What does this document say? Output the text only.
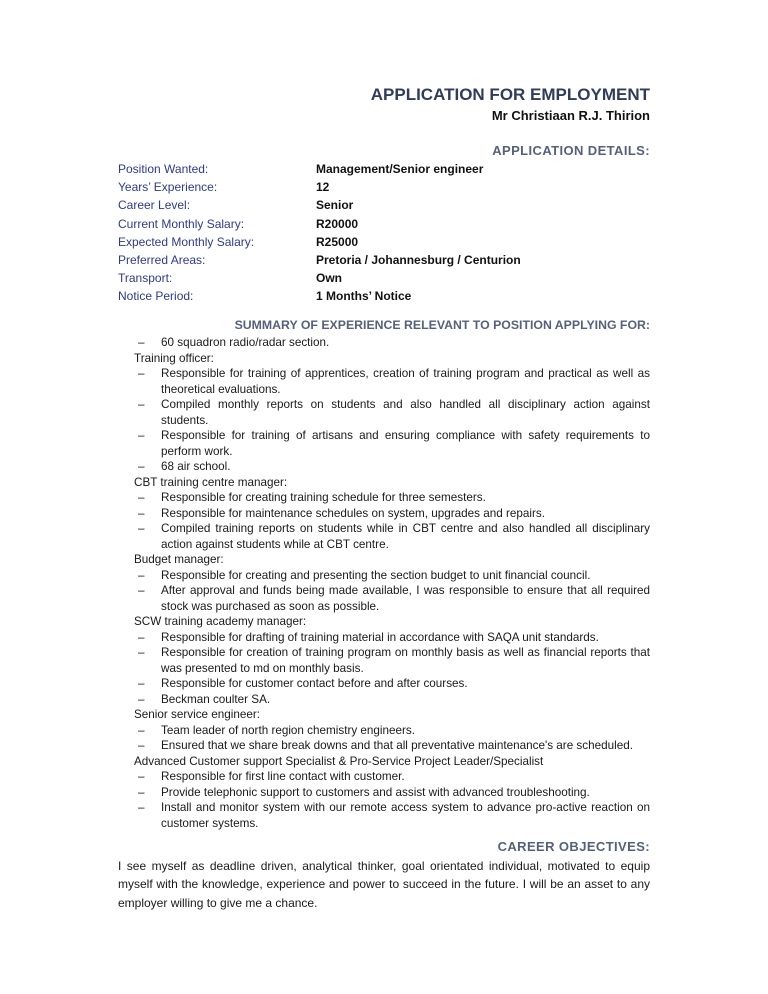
APPLICATION FOR EMPLOYMENT
Mr Christiaan R.J. Thirion
APPLICATION DETAILS:
Position Wanted:	Management/Senior engineer
Years’ Experience:	12
Career Level:	Senior
Current Monthly Salary:	R20000
Expected Monthly Salary:	R25000
Preferred Areas:	Pretoria / Johannesburg / Centurion
Transport:	Own
Notice Period:	1 Months’ Notice
SUMMARY OF EXPERIENCE RELEVANT TO POSITION APPLYING FOR:
– 60 squadron radio/radar section.
Training officer:
– Responsible for training of apprentices, creation of training program and practical as well as theoretical evaluations.
– Compiled monthly reports on students and also handled all disciplinary action against students.
– Responsible for training of artisans and ensuring compliance with safety requirements to perform work.
– 68 air school.
CBT training centre manager:
– Responsible for creating training schedule for three semesters.
– Responsible for maintenance schedules on system, upgrades and repairs.
– Compiled training reports on students while in CBT centre and also handled all disciplinary action against students while at CBT centre.
Budget manager:
– Responsible for creating and presenting the section budget to unit financial council.
– After approval and funds being made available, I was responsible to ensure that all required stock was purchased as soon as possible.
SCW training academy manager:
– Responsible for drafting of training material in accordance with SAQA unit standards.
– Responsible for creation of training program on monthly basis as well as financial reports that was presented to md on monthly basis.
– Responsible for customer contact before and after courses.
– Beckman coulter SA.
Senior service engineer:
– Team leader of north region chemistry engineers.
– Ensured that we share break downs and that all preventative maintenance's are scheduled.
Advanced Customer support Specialist & Pro-Service Project Leader/Specialist
– Responsible for first line contact with customer.
– Provide telephonic support to customers and assist with advanced troubleshooting.
– Install and monitor system with our remote access system to advance pro-active reaction on customer systems.
CAREER OBJECTIVES:
I see myself as deadline driven, analytical thinker, goal orientated individual, motivated to equip myself with the knowledge, experience and power to succeed in the future. I will be an asset to any employer willing to give me a chance.
